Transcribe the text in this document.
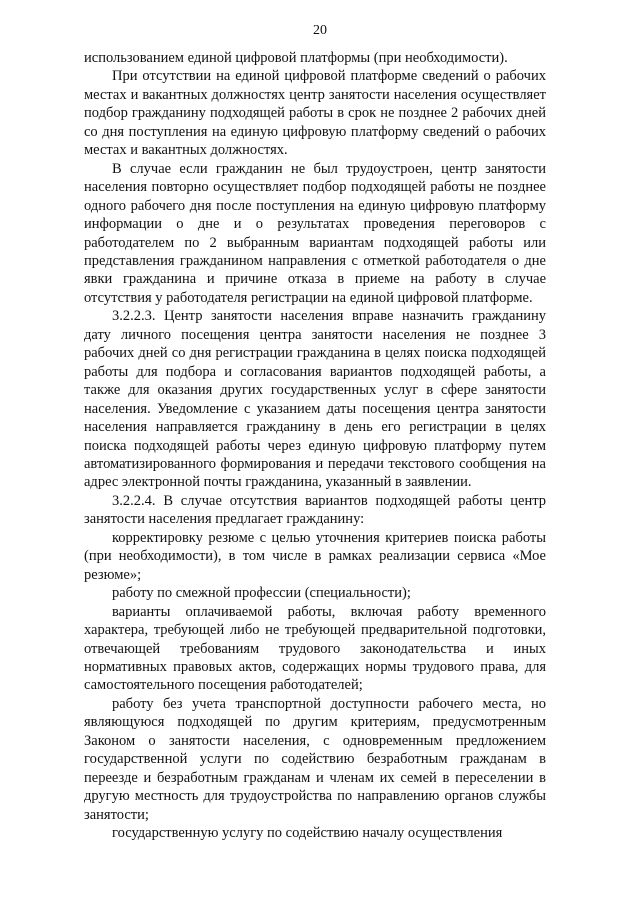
20

использованием единой цифровой платформы (при необходимости).

При отсутствии на единой цифровой платформе сведений о рабочих местах и вакантных должностях центр занятости населения осуществляет подбор гражданину подходящей работы в срок не позднее 2 рабочих дней со дня поступления на единую цифровую платформу сведений о рабочих местах и вакантных должностях.

В случае если гражданин не был трудоустроен, центр занятости населения повторно осуществляет подбор подходящей работы не позднее одного рабочего дня после поступления на единую цифровую платформу информации о дне и о результатах проведения переговоров с работодателем по 2 выбранным вариантам подходящей работы или представления гражданином направления с отметкой работодателя о дне явки гражданина и причине отказа в приеме на работу в случае отсутствия у работодателя регистрации на единой цифровой платформе.

3.2.2.3. Центр занятости населения вправе назначить гражданину дату личного посещения центра занятости населения не позднее 3 рабочих дней со дня регистрации гражданина в целях поиска подходящей работы для подбора и согласования вариантов подходящей работы, а также для оказания других государственных услуг в сфере занятости населения. Уведомление с указанием даты посещения центра занятости населения направляется гражданину в день его регистрации в целях поиска подходящей работы через единую цифровую платформу путем автоматизированного формирования и передачи текстового сообщения на адрес электронной почты гражданина, указанный в заявлении.

3.2.2.4. В случае отсутствия вариантов подходящей работы центр занятости населения предлагает гражданину:

корректировку резюме с целью уточнения критериев поиска работы (при необходимости), в том числе в рамках реализации сервиса «Мое резюме»;

работу по смежной профессии (специальности);

варианты оплачиваемой работы, включая работу временного характера, требующей либо не требующей предварительной подготовки, отвечающей требованиям трудового законодательства и иных нормативных правовых актов, содержащих нормы трудового права, для самостоятельного посещения работодателей;

работу без учета транспортной доступности рабочего места, но являющуюся подходящей по другим критериям, предусмотренным Законом о занятости населения, с одновременным предложением государственной услуги по содействию безработным гражданам в переезде и безработным гражданам и членам их семей в переселении в другую местность для трудоустройства по направлению органов службы занятости;

государственную услугу по содействию началу осуществления
